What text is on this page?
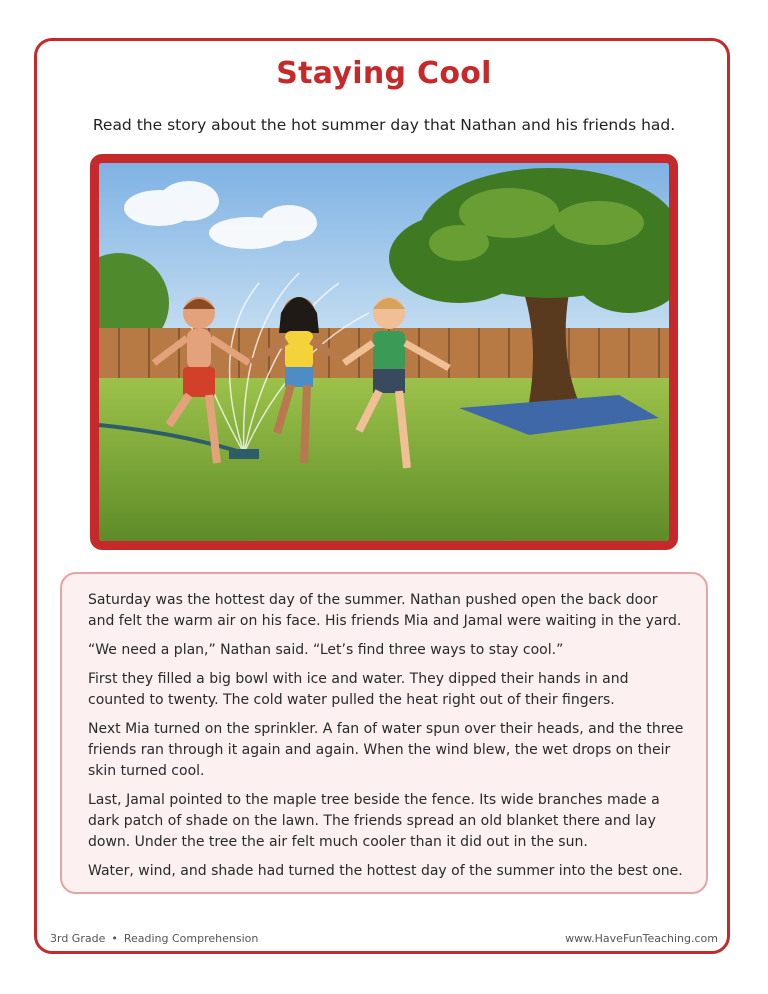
Staying Cool
Read the story about the hot summer day that Nathan and his friends had.

Saturday was the hottest day of the summer. Nathan pushed open the back door and felt the warm air on his face. His friends Mia and Jamal were waiting in the yard.

“We need a plan,” Nathan said. “Let’s find three ways to stay cool.”

First they filled a big bowl with ice and water. They dipped their hands in and counted to twenty. The cold water pulled the heat right out of their fingers.

Next Mia turned on the sprinkler. A fan of water spun over their heads, and the three friends ran through it again and again. When the wind blew, the wet drops on their skin turned cool.

Last, Jamal pointed to the maple tree beside the fence. Its wide branches made a dark patch of shade on the lawn. The friends spread an old blanket there and lay down. Under the tree the air felt much cooler than it did out in the sun.

Water, wind, and shade had turned the hottest day of the summer into the best one.

3rd Grade • Reading Comprehension	www.HaveFunTeaching.com
